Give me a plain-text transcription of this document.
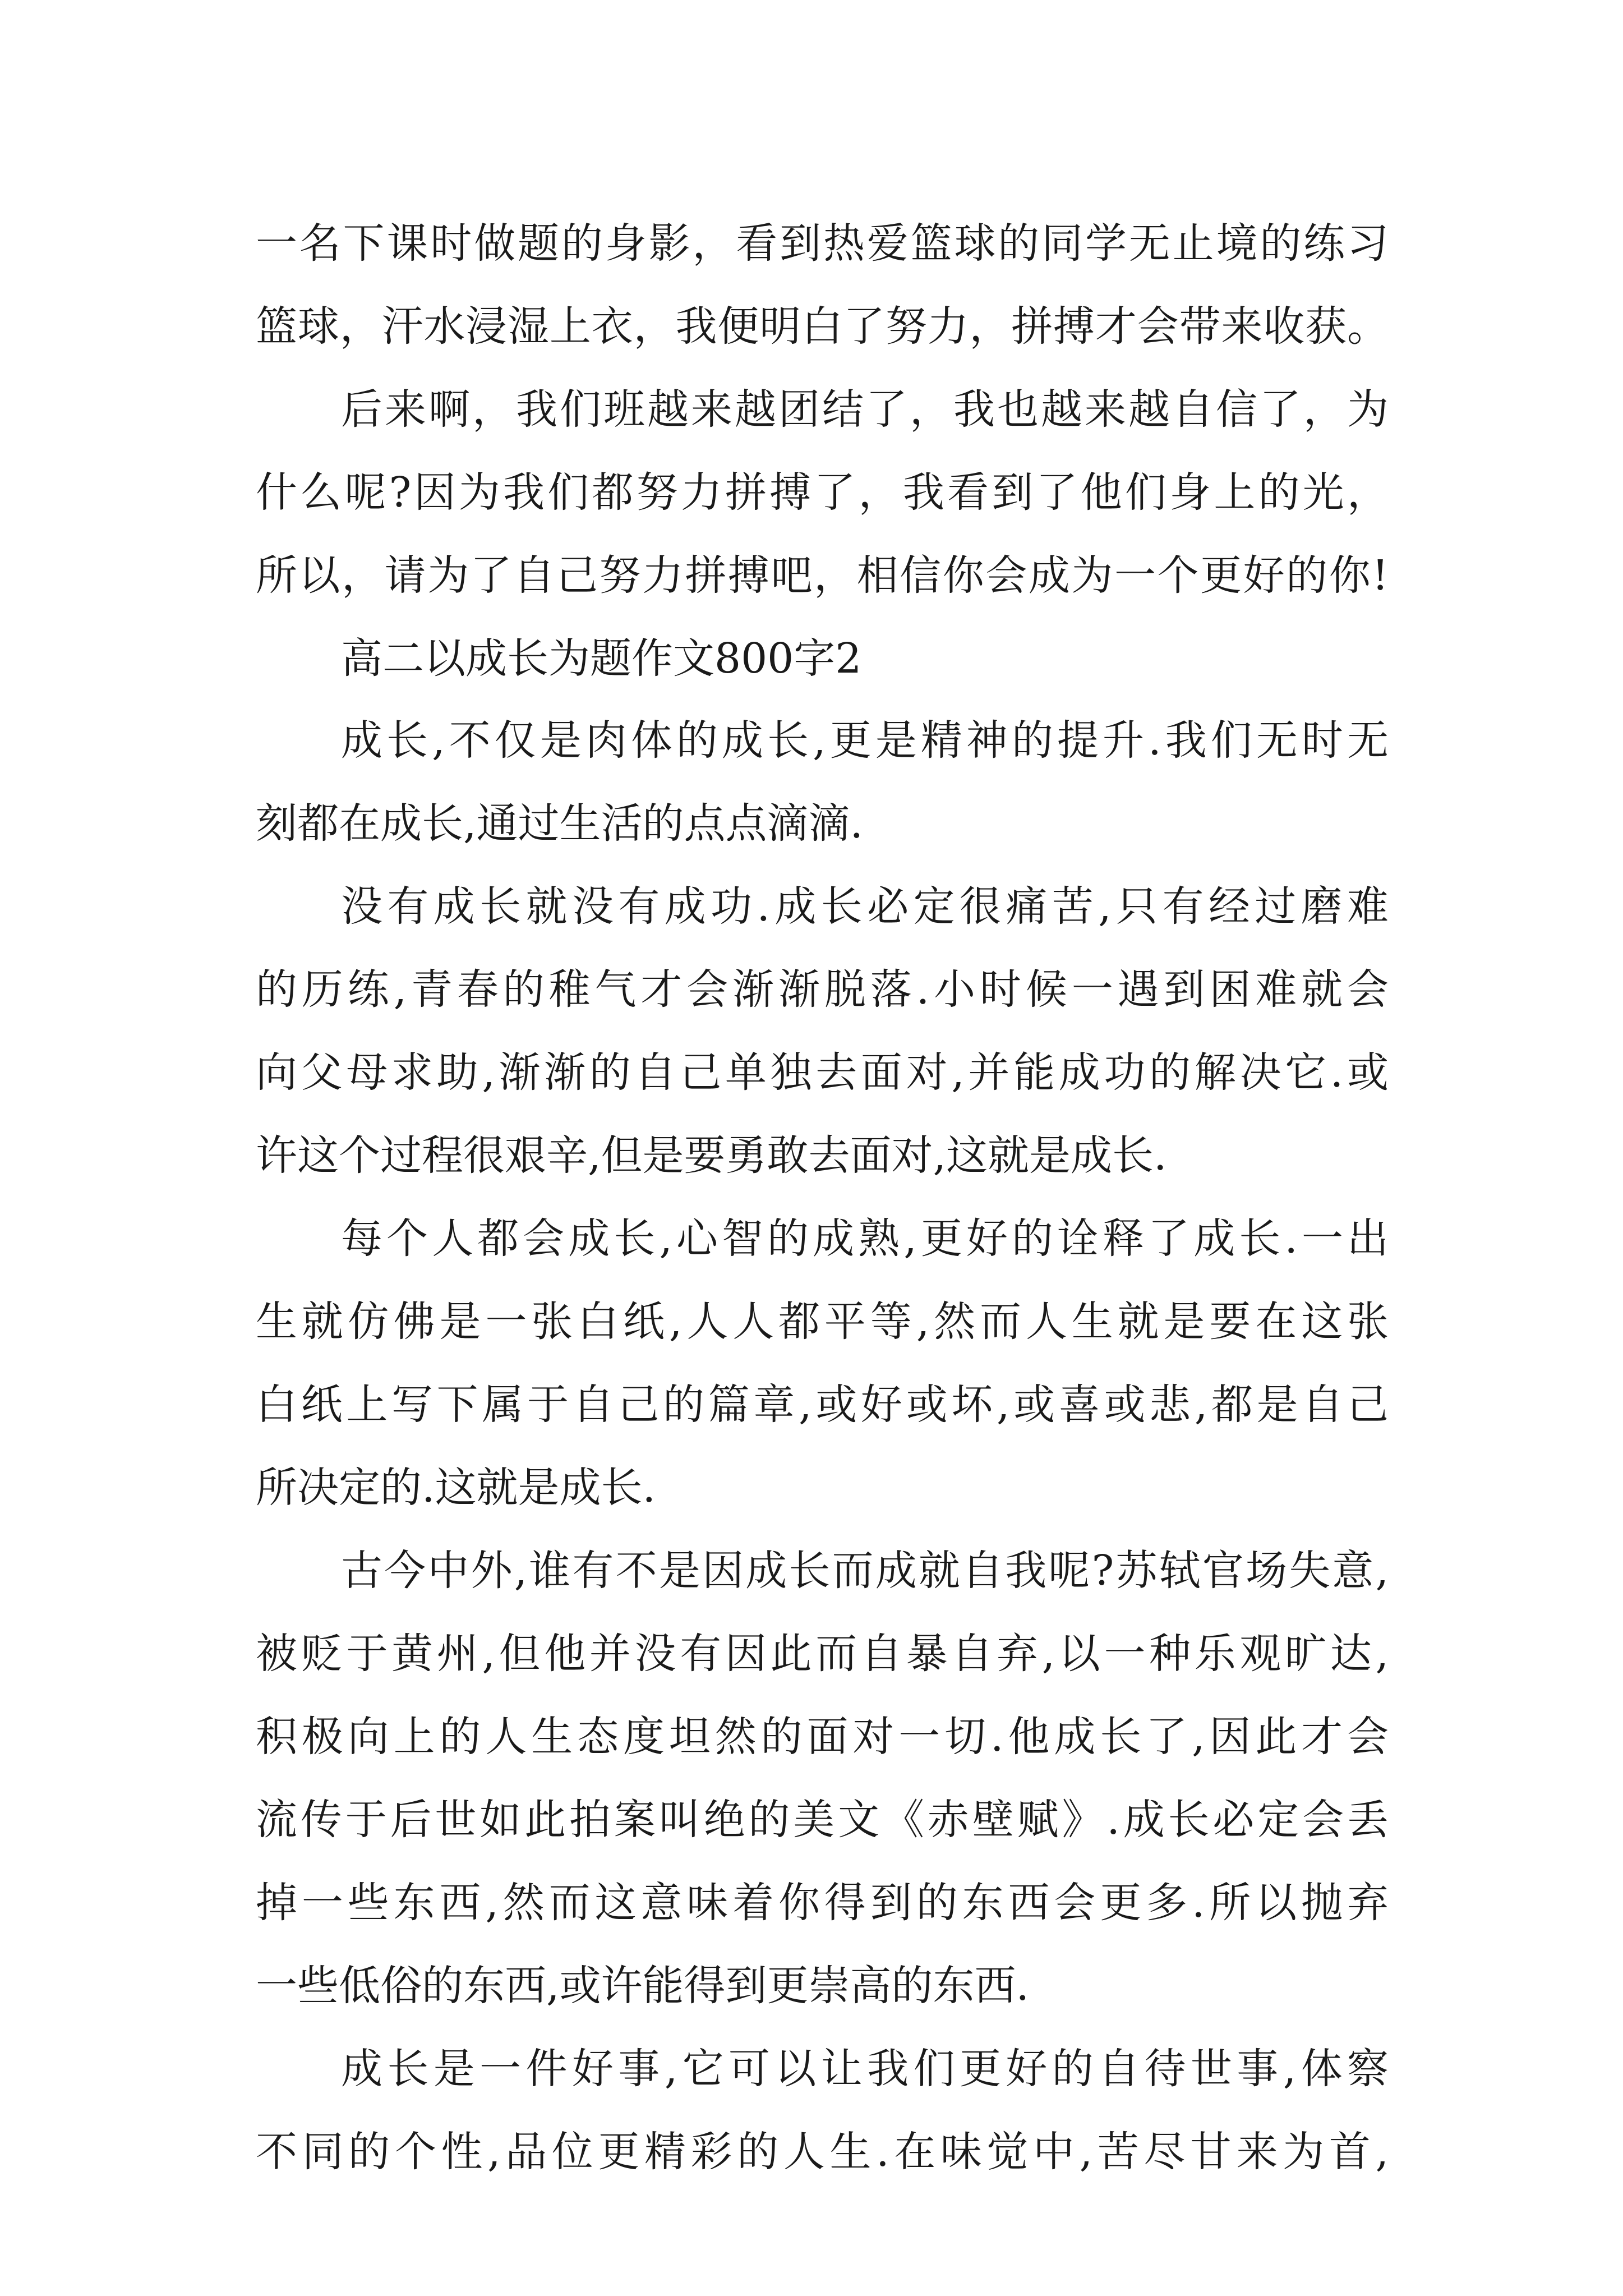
一名下课时做题的身影，看到热爱篮球的同学无止境的练习
篮球，汗水浸湿上衣，我便明白了努力，拼搏才会带来收获。
后来啊，我们班越来越团结了，我也越来越自信了，为
什么呢?因为我们都努力拼搏了，我看到了他们身上的光，
所以，请为了自己努力拼搏吧，相信你会成为一个更好的你!
高二以成长为题作文800字2
成长,不仅是肉体的成长,更是精神的提升.我们无时无
刻都在成长,通过生活的点点滴滴.
没有成长就没有成功.成长必定很痛苦,只有经过磨难
的历练,青春的稚气才会渐渐脱落.小时候一遇到困难就会
向父母求助,渐渐的自己单独去面对,并能成功的解决它.或
许这个过程很艰辛,但是要勇敢去面对,这就是成长.
每个人都会成长,心智的成熟,更好的诠释了成长.一出
生就仿佛是一张白纸,人人都平等,然而人生就是要在这张
白纸上写下属于自己的篇章,或好或坏,或喜或悲,都是自己
所决定的.这就是成长.
古今中外,谁有不是因成长而成就自我呢?苏轼官场失意,
被贬于黄州,但他并没有因此而自暴自弃,以一种乐观旷达,
积极向上的人生态度坦然的面对一切.他成长了,因此才会
流传于后世如此拍案叫绝的美文《赤壁赋》.成长必定会丢
掉一些东西,然而这意味着你得到的东西会更多.所以抛弃
一些低俗的东西,或许能得到更崇高的东西.
成长是一件好事,它可以让我们更好的自待世事,体察
不同的个性,品位更精彩的人生.在味觉中,苦尽甘来为首,
